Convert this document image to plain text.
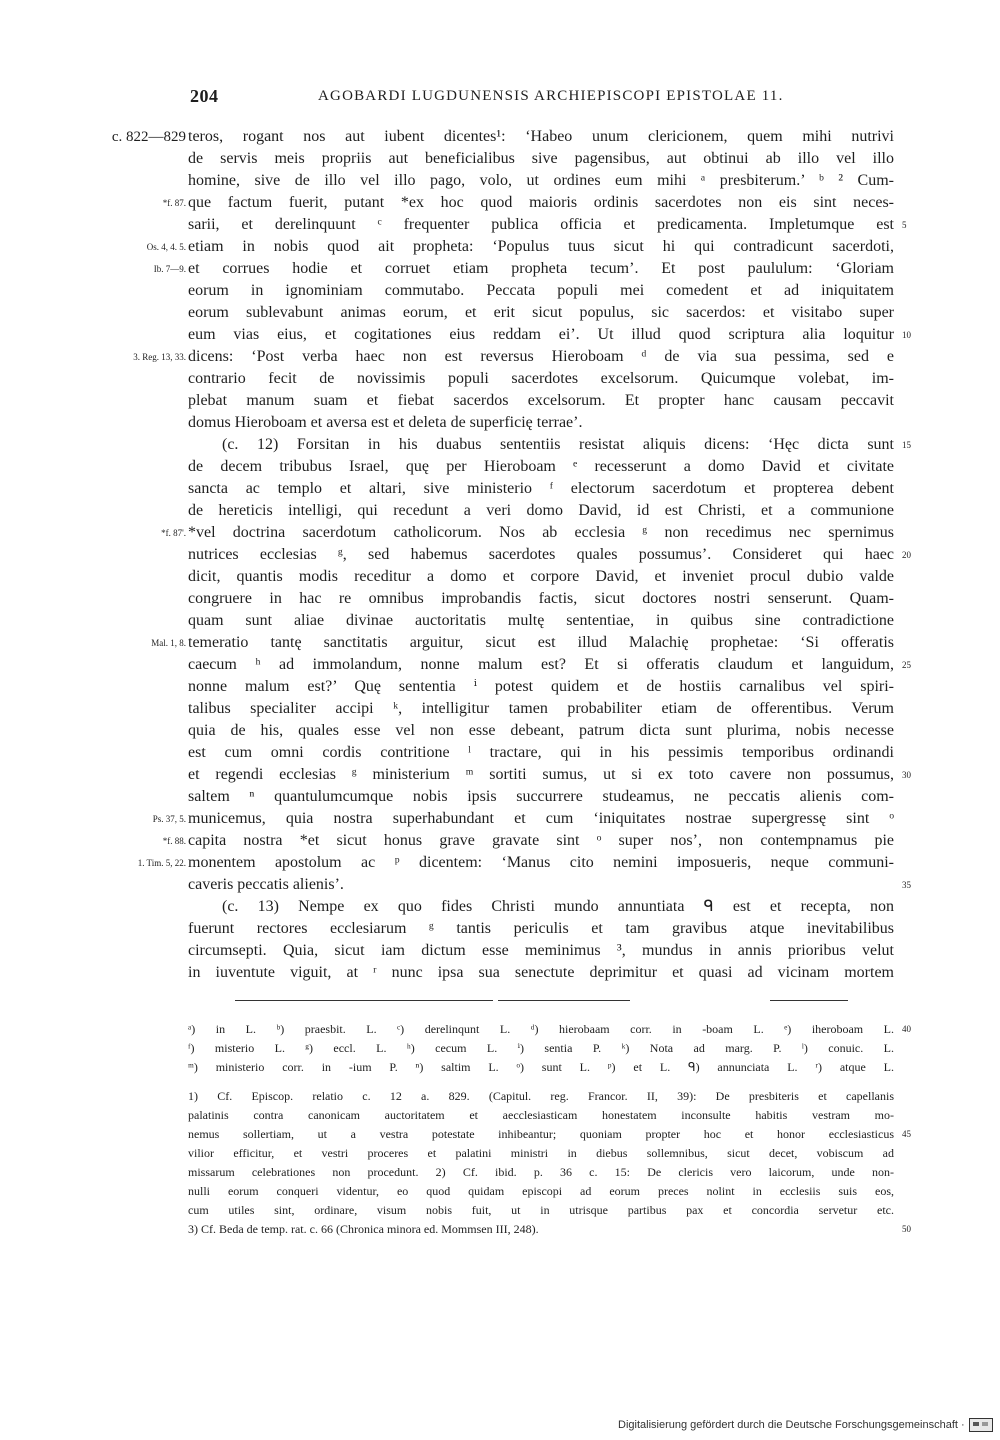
204	AGOBARDI LUGDUNENSIS ARCHIEPISCOPI EPISTOLAE 11.
c. 822—829 teros, rogant nos aut iubent dicentes¹: ‘Habeo unum clericionem, quem mihi nutrivi
de servis meis propriis aut beneficialibus sive pagensibus, aut obtinui ab illo vel illo
homine, sive de illo vel illo pago, volo, ut ordines eum mihi ᵃ presbiterum.’ ᵇ ² Cum-
que factum fuerit, putant *ex hoc quod maioris ordinis sacerdotes non eis sint neces-
sarii, et derelinquunt ᶜ frequenter publica officia et predicamenta. Impletumque est
etiam in nobis quod ait propheta: ‘Populus tuus sicut hi qui contradicunt sacerdoti,
et corrues hodie et corruet etiam propheta tecum’. Et post paululum: ‘Gloriam
eorum in ignominiam commutabo. Peccata populi mei comedent et ad iniquitatem
eorum sublevabunt animas eorum, et erit sicut populus, sic sacerdos: et visitabo super
eum vias eius, et cogitationes eius reddam ei’. Ut illud quod scriptura alia loquitur
dicens: ‘Post verba haec non est reversus Hieroboam ᵈ de via sua pessima, sed e
contrario fecit de novissimis populi sacerdotes excelsorum. Quicumque volebat, im-
plebat manum suam et fiebat sacerdos excelsorum. Et propter hanc causam peccavit
domus Hieroboam et aversa est et deleta de superficię terrae’.
(c. 12) Forsitan in his duabus sententiis resistat aliquis dicens: ‘Hęc dicta sunt
de decem tribubus Israel, quę per Hieroboam ᵉ recesserunt a domo David et civitate
sancta ac templo et altari, sive ministerio ᶠ electorum sacerdotum et propterea debent
de hereticis intelligi, qui recedunt a veri domo David, id est Christi, et a communione
*vel doctrina sacerdotum catholicorum. Nos ab ecclesia ᵍ non recedimus nec spernimus
nutrices ecclesias ᵍ, sed habemus sacerdotes quales possumus’. Consideret qui haec
dicit, quantis modis receditur a domo et corpore David, et inveniet procul dubio valde
congruere in hac re omnibus improbandis factis, sicut doctores nostri senserunt. Quam-
quam sunt aliae divinae auctoritatis multę sententiae, in quibus sine contradictione
temeratio tantę sanctitatis arguitur, sicut est illud Malachię prophetae: ‘Si offeratis
caecum ʰ ad immolandum, nonne malum est? Et si offeratis claudum et languidum,
nonne malum est?’ Quę sententia ⁱ potest quidem et de hostiis carnalibus vel spiri-
talibus specialiter accipi ᵏ, intelligitur tamen probabiliter etiam de offerentibus. Verum
quia de his, quales esse vel non esse debeant, patrum dicta sunt plurima, nobis necesse
est cum omni cordis contritione ˡ tractare, qui in his pessimis temporibus ordinandi
et regendi ecclesias ᵍ ministerium ᵐ sortiti sumus, ut si ex toto cavere non possumus,
saltem ⁿ quantulumcumque nobis ipsis succurrere studeamus, ne peccatis alienis com-
municemus, quia nostra superhabundant et cum ‘iniquitates nostrae supergressę sint ᵒ
capita nostra *et sicut honus grave gravate sint ᵒ super nos’, non contempnamus pie
monentem apostolum ac ᵖ dicentem: ‘Manus cito nemini imposueris, neque communi-
caveris peccatis alienis’.
(c. 13) Nempe ex quo fides Christi mundo annuntiata ᑫ est et recepta, non
fuerunt rectores ecclesiarum ᵍ tantis periculis et tam gravibus atque inevitabilibus
circumsepti. Quia, sicut iam dictum esse meminimus ³, mundus in annis prioribus velut
in iuventute viguit, at ʳ nunc ipsa sua senectute deprimitur et quasi ad vicinam mortem
*f. 87.
Os. 4, 4. 5.
Ib. 7—9.
3. Reg. 13, 33.
*f. 87'.
Mal. 1, 8.
Ps. 37, 5.
*f. 88.
1. Tim. 5, 22.
5
10
15
20
25
30
35
ᵃ) in L. ᵇ) praesbit. L. ᶜ) derelinqunt L. ᵈ) hierobaam corr. in -boam L. ᵉ) iheroboam L.
ᶠ) misterio L. ᵍ) eccl. L. ʰ) cecum L. ⁱ) sentia P. ᵏ) Nota ad marg. P. ˡ) conuic. L.
ᵐ) ministerio corr. in -ium P. ⁿ) saltim L. ᵒ) sunt L. ᵖ) et L. ᑫ) annunciata L. ʳ) atque L.
1) Cf. Episcop. relatio c. 12 a. 829. (Capitul. reg. Francor. II, 39): De presbiteris et capellanis
palatinis contra canonicam auctoritatem et aecclesiasticam honestatem inconsulte habitis vestram mo-
nemus sollertiam, ut a vestra potestate inhibeantur; quoniam propter hoc et honor ecclesiasticus
vilior efficitur, et vestri proceres et palatini ministri in diebus sollemnibus, sicut decet, vobiscum ad
missarum celebrationes non procedunt. 2) Cf. ibid. p. 36 c. 15: De clericis vero laicorum, unde non-
nulli eorum conqueri videntur, eo quod quidam episcopi ad eorum preces nolint in ecclesiis suis eos,
cum utiles sint, ordinare, visum nobis fuit, ut in utrisque partibus pax et concordia servetur etc.
3) Cf. Beda de temp. rat. c. 66 (Chronica minora ed. Mommsen III, 248).
40
45
50
Digitalisierung gefördert durch die Deutsche Forschungsgemeinschaft ·
